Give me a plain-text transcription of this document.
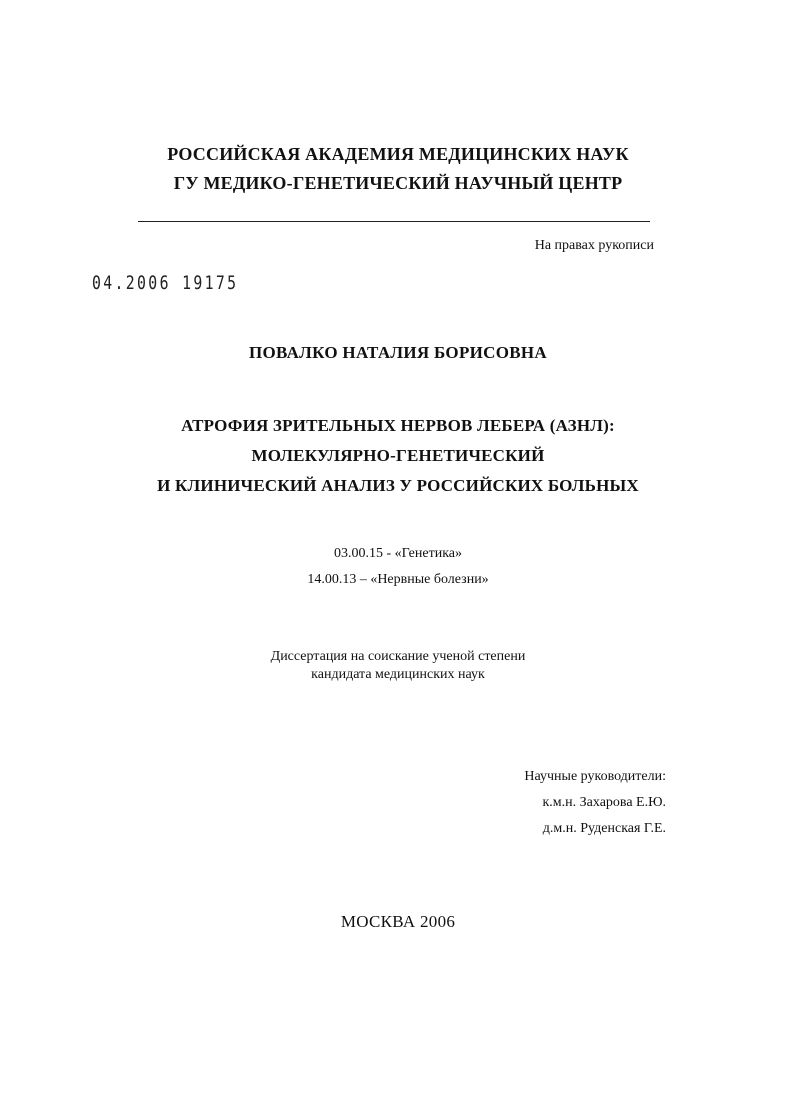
РОССИЙСКАЯ АКАДЕМИЯ МЕДИЦИНСКИХ НАУК
ГУ МЕДИКО-ГЕНЕТИЧЕСКИЙ НАУЧНЫЙ ЦЕНТР
На правах рукописи
04.2006 19175
ПОВАЛКО НАТАЛИЯ БОРИСОВНА
АТРОФИЯ ЗРИТЕЛЬНЫХ НЕРВОВ ЛЕБЕРА (АЗНЛ):
МОЛЕКУЛЯРНО-ГЕНЕТИЧЕСКИЙ
И КЛИНИЧЕСКИЙ АНАЛИЗ У РОССИЙСКИХ БОЛЬНЫХ
03.00.15 - «Генетика»
14.00.13 – «Нервные болезни»
Диссертация на соискание ученой степени
кандидата медицинских наук
Научные руководители:
к.м.н. Захарова Е.Ю.
д.м.н. Руденская Г.Е.
МОСКВА 2006
